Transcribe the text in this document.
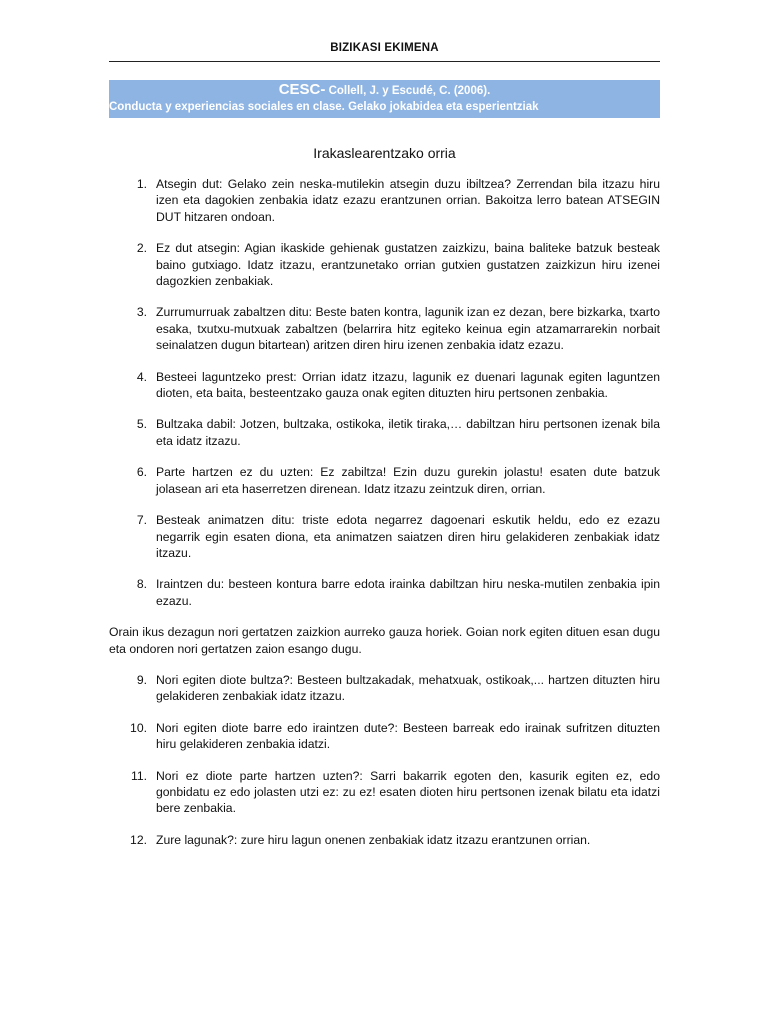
BIZIKASI EKIMENA
CESC- Collell, J. y Escudé, C. (2006).
Conducta y experiencias sociales en clase. Gelako jokabidea eta esperientziak
Irakaslearentzako orria
1. Atsegin dut: Gelako zein neska-mutilekin atsegin duzu ibiltzea? Zerrendan bila itzazu hiru izen eta dagokien zenbakia idatz ezazu erantzunen orrian. Bakoitza lerro batean ATSEGIN DUT hitzaren ondoan.
2. Ez dut atsegin: Agian ikaskide gehienak gustatzen zaizkizu, baina baliteke batzuk besteak baino gutxiago. Idatz itzazu, erantzunetako orrian gutxien gustatzen zaizkizun hiru izenei dagozkien zenbakiak.
3. Zurrumurruak zabaltzen ditu: Beste baten kontra, lagunik izan ez dezan, bere bizkarka, txarto esaka, txutxu-mutxuak zabaltzen (belarrira hitz egiteko keinua egin atzamarrarekin norbait seinalatzen dugun bitartean) aritzen diren hiru izenen zenbakia idatz ezazu.
4. Besteei laguntzeko prest: Orrian idatz itzazu, lagunik ez duenari lagunak egiten laguntzen dioten, eta baita, besteentzako gauza onak egiten dituzten hiru pertsonen zenbakia.
5. Bultzaka dabil: Jotzen, bultzaka, ostikoka, iletik tiraka,… dabiltzan hiru pertsonen izenak bila eta idatz itzazu.
6. Parte hartzen ez du uzten: Ez zabiltza! Ezin duzu gurekin jolastu! esaten dute batzuk jolasean ari eta haserretzen direnean. Idatz itzazu zeintzuk diren, orrian.
7. Besteak animatzen ditu: triste edota negarrez dagoenari eskutik heldu, edo ez ezazu negarrik egin esaten diona, eta animatzen saiatzen diren hiru gelakideren zenbakiak idatz itzazu.
8. Iraintzen du: besteen kontura barre edota irainka dabiltzan hiru neska-mutilen zenbakia ipin ezazu.
Orain ikus dezagun nori gertatzen zaizkion aurreko gauza horiek. Goian nork egiten dituen esan dugu eta ondoren nori gertatzen zaion esango dugu.
9. Nori egiten diote bultza?: Besteen bultzakadak, mehatxuak, ostikoak,... hartzen dituzten hiru gelakideren zenbakiak idatz itzazu.
10. Nori egiten diote barre edo iraintzen dute?: Besteen barreak edo irainak sufritzen dituzten hiru gelakideren zenbakia idatzi.
11. Nori ez diote parte hartzen uzten?: Sarri bakarrik egoten den, kasurik egiten ez, edo gonbidatu ez edo jolasten utzi ez: zu ez! esaten dioten hiru pertsonen izenak bilatu eta idatzi bere zenbakia.
12. Zure lagunak?: zure hiru lagun onenen zenbakiak idatz itzazu erantzunen orrian.
